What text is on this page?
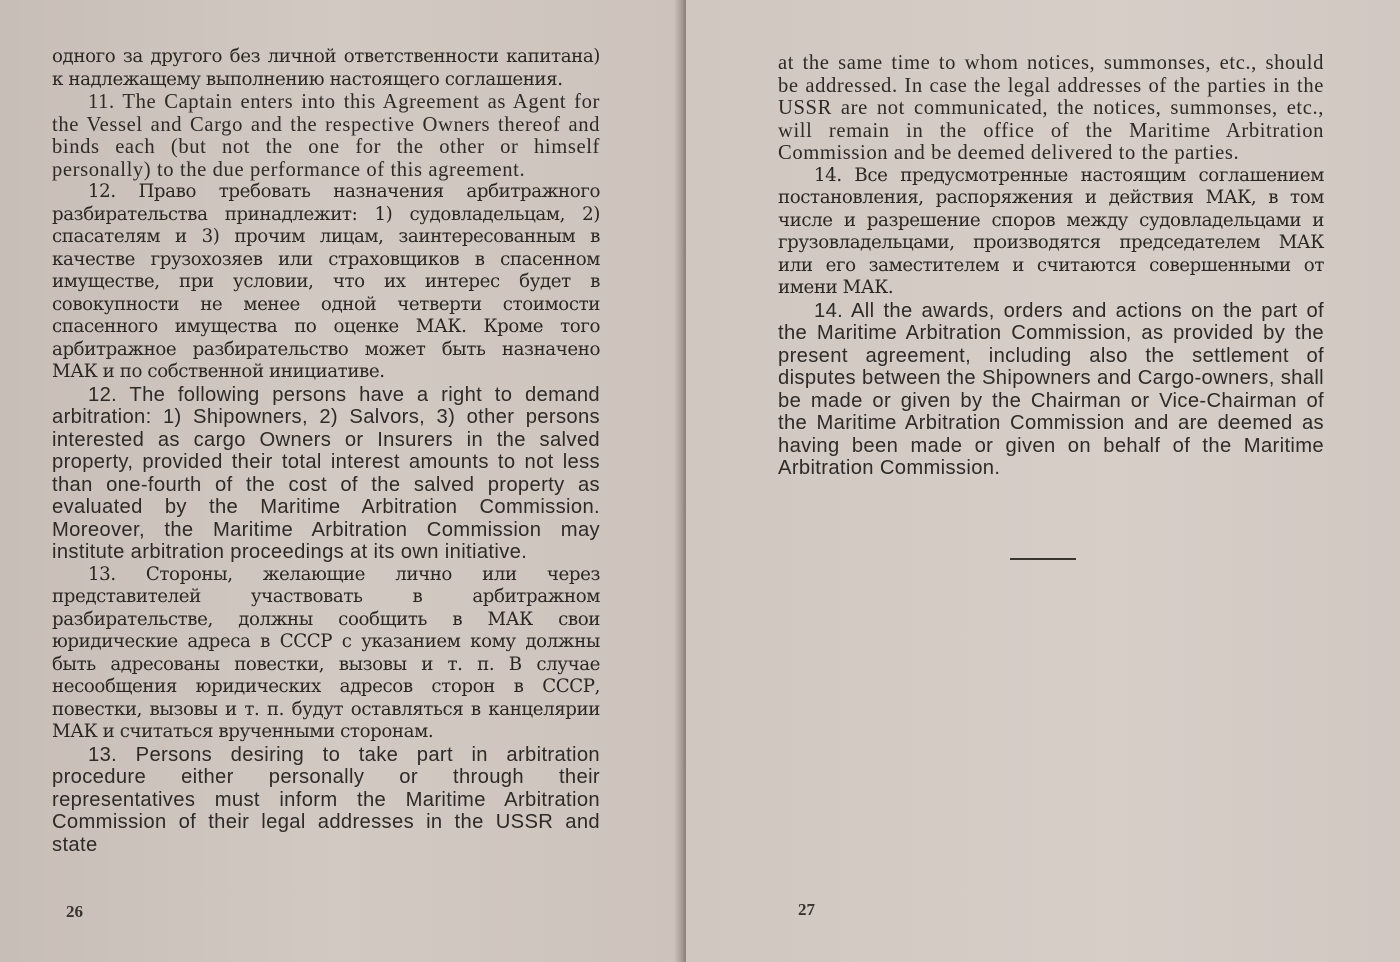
одного за другого без личной ответственности капитана) к надлежащему выполнению настоящего соглашения.

11. The Captain enters into this Agreement as Agent for the Vessel and Cargo and the respective Owners thereof and binds each (but not the one for the other or himself personally) to the due performance of this agreement.

12. Право требовать назначения арбитражного разбирательства принадлежит: 1) судовладельцам, 2) спасателям и 3) прочим лицам, заинтересованным в качестве грузохозяев или страховщиков в спасенном имуществе, при условии, что их интерес будет в совокупности не менее одной четверти стоимости спасенного имущества по оценке МАК. Кроме того арбитражное разбирательство может быть назначено МАК и по собственной инициативе.

12. The following persons have a right to demand arbitration: 1) Shipowners, 2) Salvors, 3) other persons interested as cargo Owners or Insurers in the salved property, provided their total interest amounts to not less than one-fourth of the cost of the salved property as evaluated by the Maritime Arbitration Commission. Moreover, the Maritime Arbitration Commission may institute arbitration proceedings at its own initiative.

13. Стороны, желающие лично или через представителей участвовать в арбитражном разбирательстве, должны сообщить в МАК свои юридические адреса в СССР с указанием кому должны быть адресованы повестки, вызовы и т. п. В случае несообщения юридических адресов сторон в СССР, повестки, вызовы и т. п. будут оставляться в канцелярии МАК и считаться врученными сторонам.

13. Persons desiring to take part in arbitration procedure either personally or through their representatives must inform the Maritime Arbitration Commission of their legal addresses in the USSR and state

26

at the same time to whom notices, summonses, etc., should be addressed. In case the legal addresses of the parties in the USSR are not communicated, the notices, summonses, etc., will remain in the office of the Maritime Arbitration Commission and be deemed delivered to the parties.

14. Все предусмотренные настоящим соглашением постановления, распоряжения и действия МАК, в том числе и разрешение споров между судовладельцами и грузовладельцами, производятся председателем МАК или его заместителем и считаются совершенными от имени МАК.

14. All the awards, orders and actions on the part of the Maritime Arbitration Commission, as provided by the present agreement, including also the settlement of disputes between the Shipowners and Cargo-owners, shall be made or given by the Chairman or Vice-Chairman of the Maritime Arbitration Commission and are deemed as having been made or given on behalf of the Maritime Arbitration Commission.

27
